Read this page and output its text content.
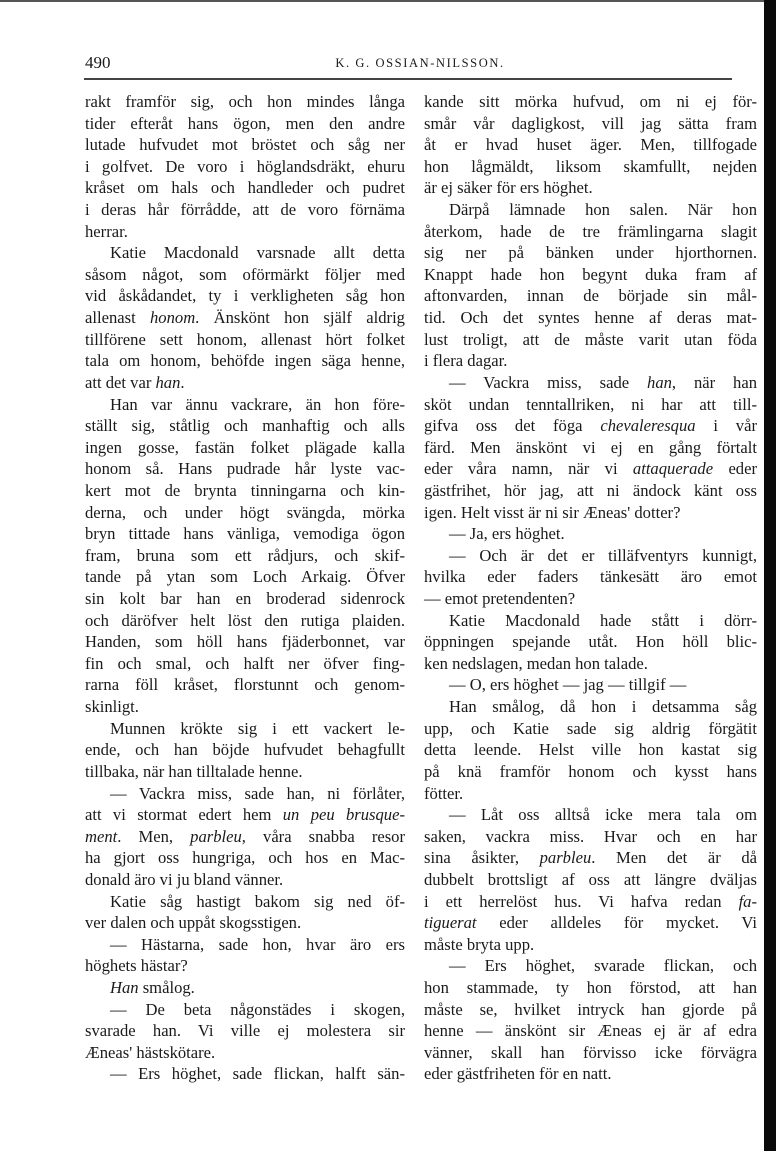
490	K. G. OSSIAN-NILSSON.
rakt framför sig, och hon mindes långa
tider efteråt hans ögon, men den andre
lutade hufvudet mot bröstet och såg ner
i golfvet. De voro i höglandsdräkt, ehuru
kråset om hals och handleder och pudret
i deras hår förrådde, att de voro förnäma
herrar.
Katie Macdonald varsnade allt detta
såsom något, som oförmärkt följer med
vid åskådandet, ty i verkligheten såg hon
allenast honom. Änskönt hon själf aldrig
tillförene sett honom, allenast hört folket
tala om honom, behöfde ingen säga henne,
att det var han.
Han var ännu vackrare, än hon före-
ställt sig, ståtlig och manhaftig och alls
ingen gosse, fastän folket plägade kalla
honom så. Hans pudrade hår lyste vac-
kert mot de brynta tinningarna och kin-
derna, och under högt svängda, mörka
bryn tittade hans vänliga, vemodiga ögon
fram, bruna som ett rådjurs, och skif-
tande på ytan som Loch Arkaig. Öfver
sin kolt bar han en broderad sidenrock
och däröfver helt löst den rutiga plaiden.
Handen, som höll hans fjäderbonnet, var
fin och smal, och halft ner öfver fing-
rarna föll kråset, florstunnt och genom-
skinligt.
Munnen krökte sig i ett vackert le-
ende, och han böjde hufvudet behagfullt
tillbaka, när han tilltalade henne.
— Vackra miss, sade han, ni förlåter,
att vi stormat edert hem un peu brusque-
ment. Men, parbleu, våra snabba resor
ha gjort oss hungriga, och hos en Mac-
donald äro vi ju bland vänner.
Katie såg hastigt bakom sig ned öf-
ver dalen och uppåt skogsstigen.
— Hästarna, sade hon, hvar äro ers
höghets hästar?
Han smålog.
— De beta någonstädes i skogen,
svarade han. Vi ville ej molestera sir
Æneas' hästskötare.
— Ers höghet, sade flickan, halft sän-
kande sitt mörka hufvud, om ni ej för-
smår vår dagligkost, vill jag sätta fram
åt er hvad huset äger. Men, tillfogade
hon lågmäldt, liksom skamfullt, nejden
är ej säker för ers höghet.
Därpå lämnade hon salen. När hon
återkom, hade de tre främlingarna slagit
sig ner på bänken under hjorthornen.
Knappt hade hon begynt duka fram af
aftonvarden, innan de började sin mål-
tid. Och det syntes henne af deras mat-
lust troligt, att de måste varit utan föda
i flera dagar.
— Vackra miss, sade han, när han
sköt undan tenntallriken, ni har att till-
gifva oss det föga chevaleresqua i vår
färd. Men änskönt vi ej en gång förtalt
eder våra namn, när vi attaquerade eder
gästfrihet, hör jag, att ni ändock känt oss
igen. Helt visst är ni sir Æneas' dotter?
— Ja, ers höghet.
— Och är det er tilläfventyrs kunnigt,
hvilka eder faders tänkesätt äro emot
— emot pretendenten?
Katie Macdonald hade stått i dörr-
öppningen spejande utåt. Hon höll blic-
ken nedslagen, medan hon talade.
— O, ers höghet — jag — tillgif —
Han smålog, då hon i detsamma såg
upp, och Katie sade sig aldrig förgätit
detta leende. Helst ville hon kastat sig
på knä framför honom och kysst hans
fötter.
— Låt oss alltså icke mera tala om
saken, vackra miss. Hvar och en har
sina åsikter, parbleu. Men det är då
dubbelt brottsligt af oss att längre dväljas
i ett herrelöst hus. Vi hafva redan fa-
tiguerat eder alldeles för mycket. Vi
måste bryta upp.
— Ers höghet, svarade flickan, och
hon stammade, ty hon förstod, att han
måste se, hvilket intryck han gjorde på
henne — änskönt sir Æneas ej är af edra
vänner, skall han förvisso icke förvägra
eder gästfriheten för en natt.
